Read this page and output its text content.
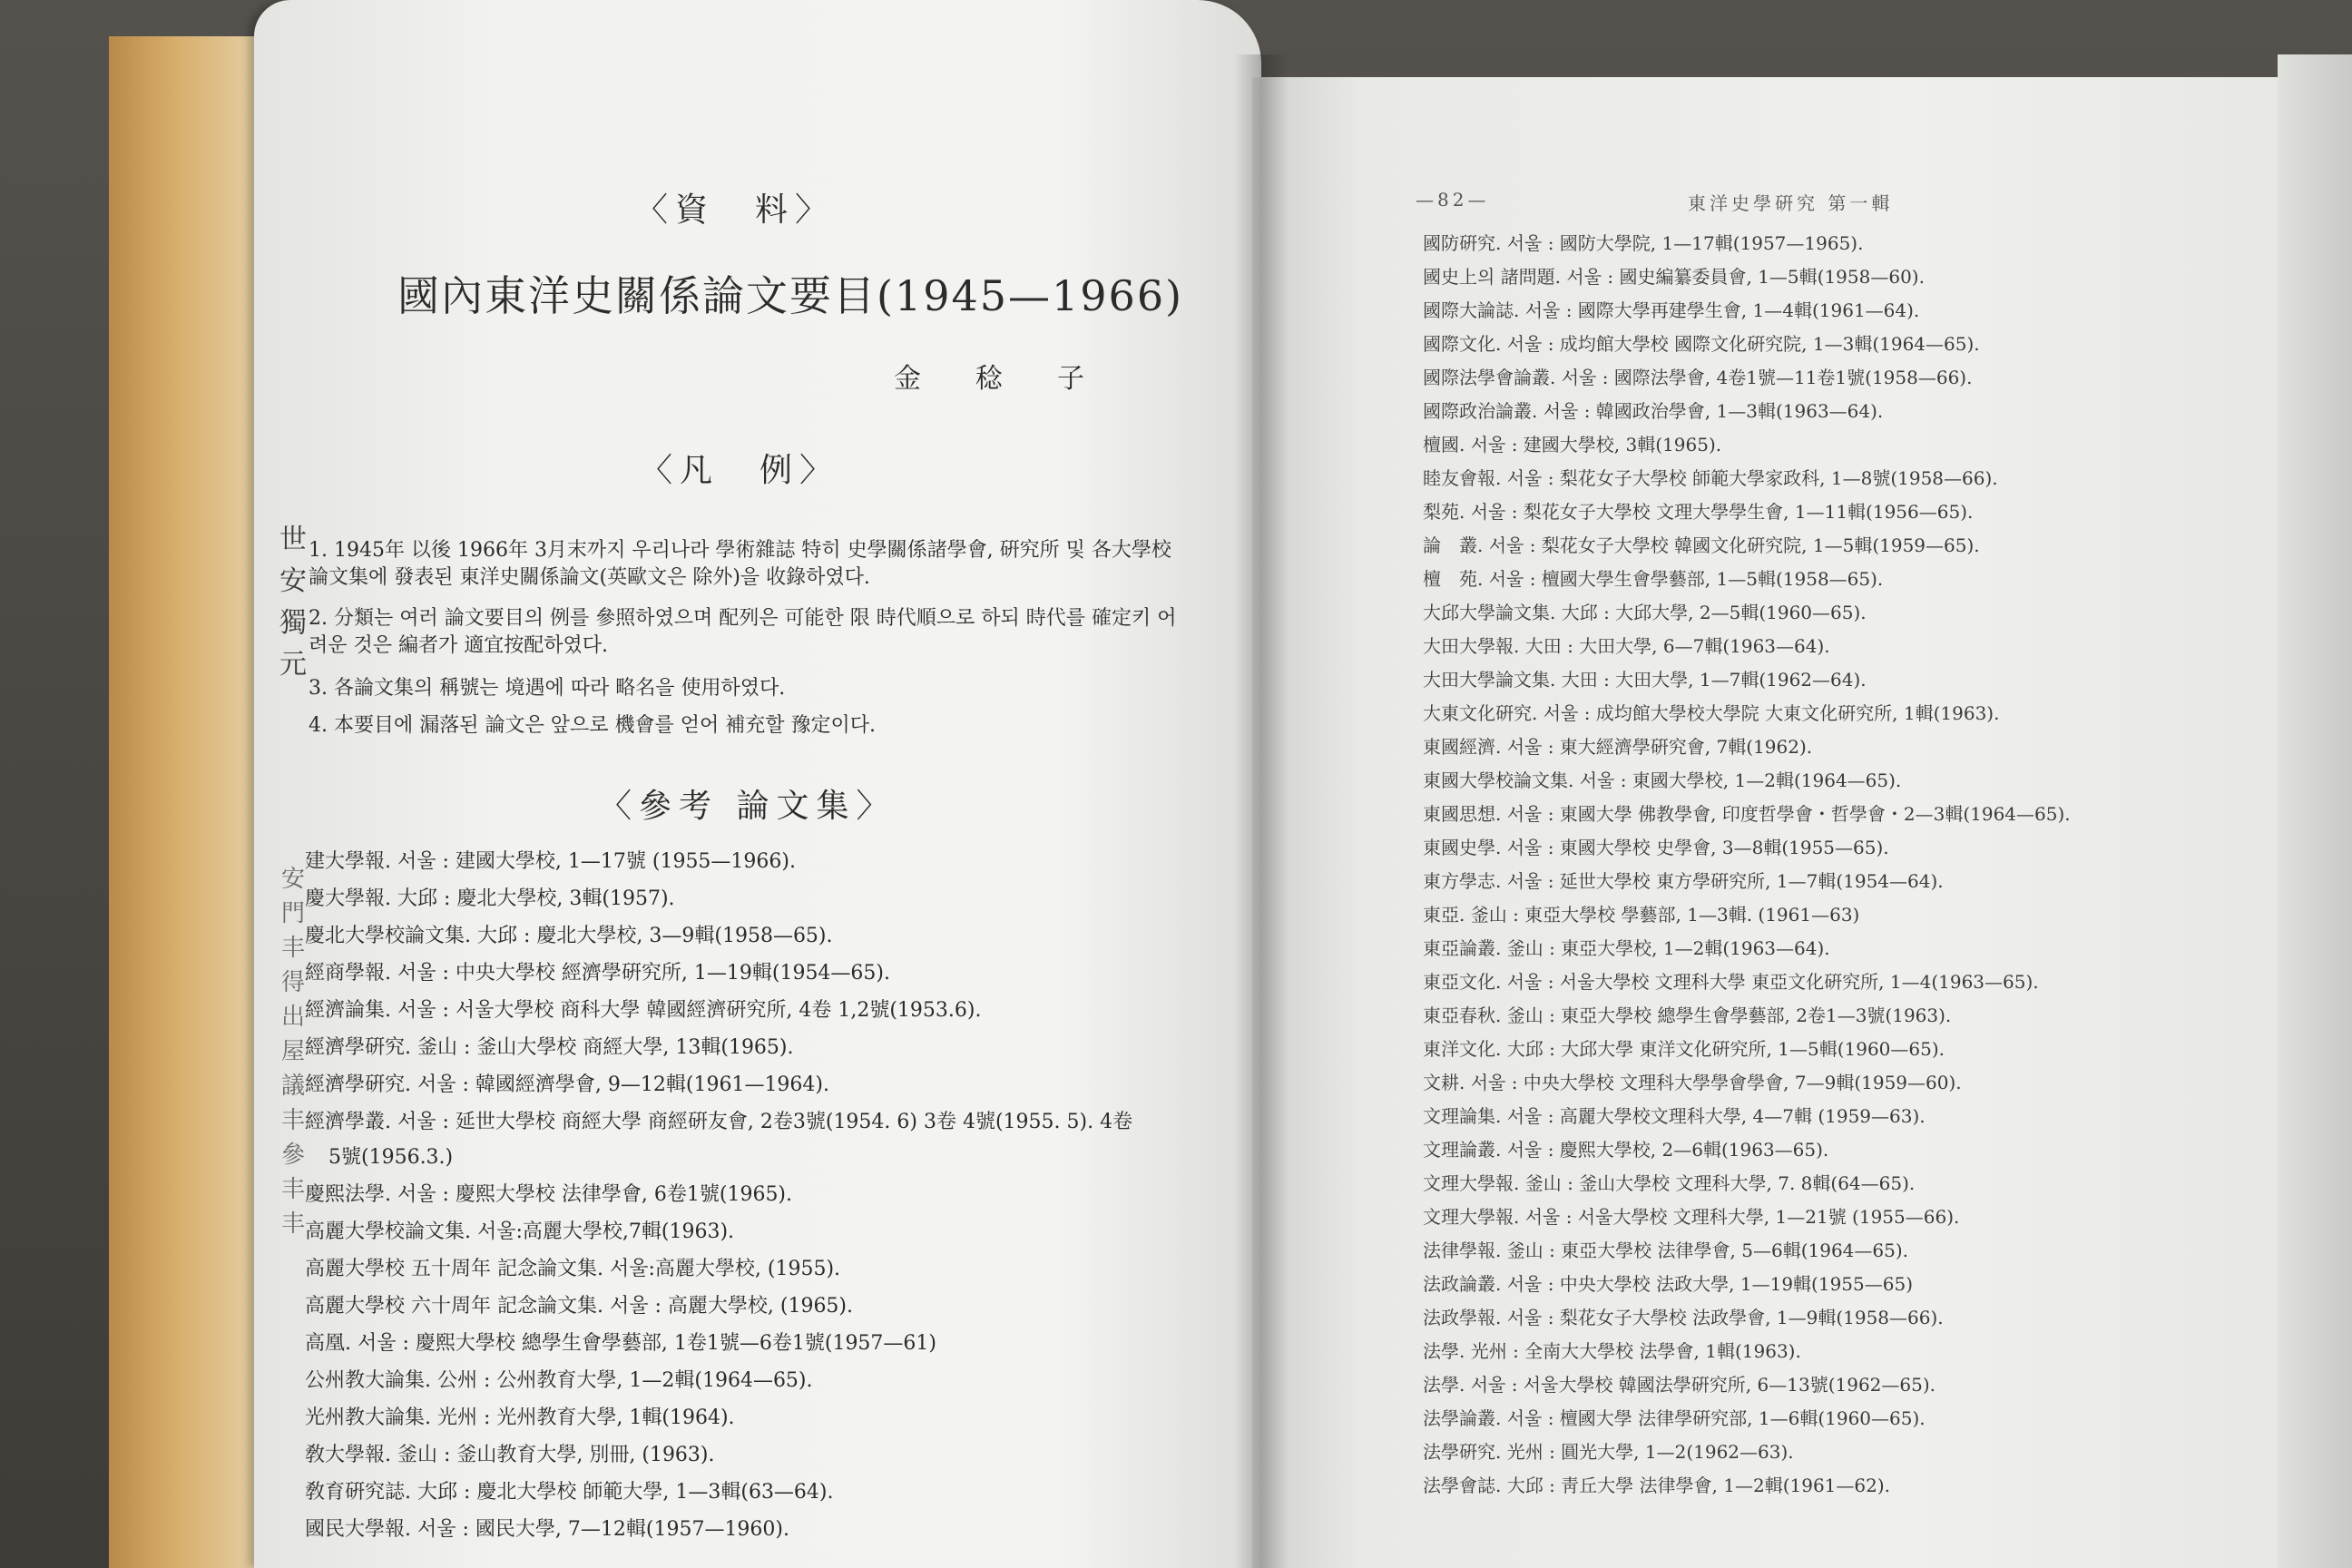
〈資　料〉
國內東洋史關係論文要目(1945—1966)
金稔子
〈凡　例〉
世安獨元
安門丰得出屋議丰參丰丰
1. 1945年 以後 1966年 3月末까지 우리나라 學術雜誌 特히 史學關係諸學會, 硏究所 및 各大學校 論文集에 發表된 東洋史關係論文(英歐文은 除外)을 收錄하였다.
2. 分類는 여러 論文要目의 例를 參照하였으며 配列은 可能한 限 時代順으로 하되 時代를 確定키 어려운 것은 編者가 適宜按配하였다.
3. 各論文集의 稱號는 境遇에 따라 略名을 使用하였다.
4. 本要目에 漏落된 論文은 앞으로 機會를 얻어 補充할 豫定이다.
〈參考 論文集〉
建大學報. 서울 : 建國大學校, 1—17號 (1955—1966).
慶大學報. 大邱 : 慶北大學校, 3輯(1957).
慶北大學校論文集. 大邱 : 慶北大學校, 3—9輯(1958—65).
經商學報. 서울 : 中央大學校 經濟學硏究所, 1—19輯(1954—65).
經濟論集. 서울 : 서울大學校 商科大學 韓國經濟硏究所, 4卷 1,2號(1953.6).
經濟學硏究. 釜山 : 釜山大學校 商經大學, 13輯(1965).
經濟學硏究. 서울 : 韓國經濟學會, 9—12輯(1961—1964).
經濟學叢. 서울 : 延世大學校 商經大學 商經硏友會, 2卷3號(1954. 6) 3卷 4號(1955. 5). 4卷
5號(1956.3.)
慶熙法學. 서울 : 慶熙大學校 法律學會, 6卷1號(1965).
高麗大學校論文集. 서울:高麗大學校,7輯(1963).
高麗大學校 五十周年 記念論文集. 서울:高麗大學校, (1955).
高麗大學校 六十周年 記念論文集. 서울 : 高麗大學校, (1965).
高凰. 서울 : 慶熙大學校 總學生會學藝部, 1卷1號—6卷1號(1957—61)
公州教大論集. 公州 : 公州教育大學, 1—2輯(1964—65).
光州教大論集. 光州 : 光州教育大學, 1輯(1964).
敎大學報. 釜山 : 釜山教育大學, 別冊, (1963).
敎育硏究誌. 大邱 : 慶北大學校 師範大學, 1—3輯(63—64).
國民大學報. 서울 : 國民大學, 7—12輯(1957—1960).
—82—	東洋史學硏究 第一輯
國防硏究. 서울 : 國防大學院, 1—17輯(1957—1965).
國史上의 諸問題. 서울 : 國史編纂委員會, 1—5輯(1958—60).
國際大論誌. 서울 : 國際大學再建學生會, 1—4輯(1961—64).
國際文化. 서울 : 成均館大學校 國際文化硏究院, 1—3輯(1964—65).
國際法學會論叢. 서울 : 國際法學會, 4卷1號—11卷1號(1958—66).
國際政治論叢. 서울 : 韓國政治學會, 1—3輯(1963—64).
檀國. 서울 : 建國大學校, 3輯(1965).
睦友會報. 서울 : 梨花女子大學校 師範大學家政科, 1—8號(1958—66).
梨苑. 서울 : 梨花女子大學校 文理大學學生會, 1—11輯(1956—65).
論　叢. 서울 : 梨花女子大學校 韓國文化硏究院, 1—5輯(1959—65).
檀　苑. 서울 : 檀國大學生會學藝部, 1—5輯(1958—65).
大邱大學論文集. 大邱 : 大邱大學, 2—5輯(1960—65).
大田大學報. 大田 : 大田大學, 6—7輯(1963—64).
大田大學論文集. 大田 : 大田大學, 1—7輯(1962—64).
大東文化硏究. 서울 : 成均館大學校大學院 大東文化硏究所, 1輯(1963).
東國經濟. 서울 : 東大經濟學硏究會, 7輯(1962).
東國大學校論文集. 서울 : 東國大學校, 1—2輯(1964—65).
東國思想. 서울 : 東國大學 佛教學會, 印度哲學會・哲學會・2—3輯(1964—65).
東國史學. 서울 : 東國大學校 史學會, 3—8輯(1955—65).
東方學志. 서울 : 延世大學校 東方學硏究所, 1—7輯(1954—64).
東亞. 釜山 : 東亞大學校 學藝部, 1—3輯. (1961—63)
東亞論叢. 釜山 : 東亞大學校, 1—2輯(1963—64).
東亞文化. 서울 : 서울大學校 文理科大學 東亞文化硏究所, 1—4(1963—65).
東亞春秋. 釜山 : 東亞大學校 總學生會學藝部, 2卷1—3號(1963).
東洋文化. 大邱 : 大邱大學 東洋文化硏究所, 1—5輯(1960—65).
文耕. 서울 : 中央大學校 文理科大學學會學會, 7—9輯(1959—60).
文理論集. 서울 : 高麗大學校文理科大學, 4—7輯 (1959—63).
文理論叢. 서울 : 慶熙大學校, 2—6輯(1963—65).
文理大學報. 釜山 : 釜山大學校 文理科大學, 7. 8輯(64—65).
文理大學報. 서울 : 서울大學校 文理科大學, 1—21號 (1955—66).
法律學報. 釜山 : 東亞大學校 法律學會, 5—6輯(1964—65).
法政論叢. 서울 : 中央大學校 法政大學, 1—19輯(1955—65)
法政學報. 서울 : 梨花女子大學校 法政學會, 1—9輯(1958—66).
法學. 光州 : 全南大大學校 法學會, 1輯(1963).
法學. 서울 : 서울大學校 韓國法學硏究所, 6—13號(1962—65).
法學論叢. 서울 : 檀國大學 法律學硏究部, 1—6輯(1960—65).
法學硏究. 光州 : 圓光大學, 1—2(1962—63).
法學會誌. 大邱 : 靑丘大學 法律學會, 1—2輯(1961—62).
